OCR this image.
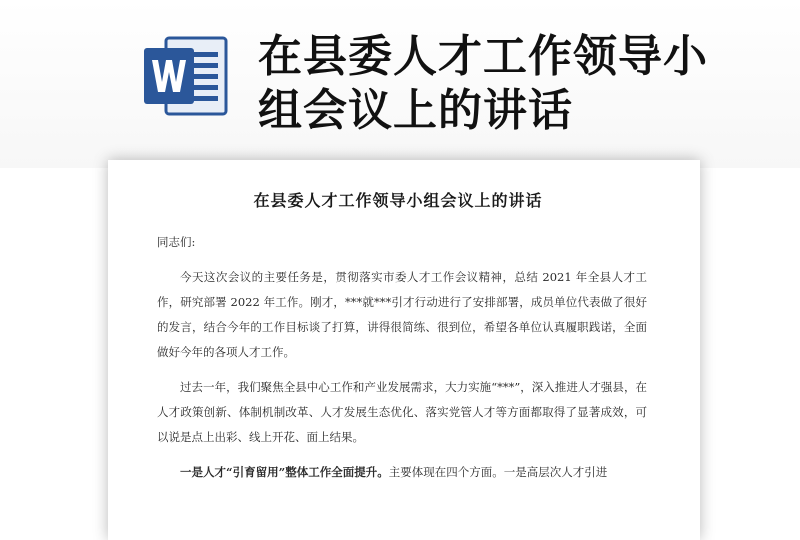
在县委人才工作领导小组会议上的讲话
在县委人才工作领导小组会议上的讲话

同志们:

今天这次会议的主要任务是，贯彻落实市委人才工作会议精神，总结 2021 年全县人才工作，研究部署 2022 年工作。刚才，***就***引才行动进行了安排部署，成员单位代表做了很好的发言，结合今年的工作目标谈了打算，讲得很简练、很到位，希望各单位认真履职践诺，全面做好今年的各项人才工作。

过去一年，我们聚焦全县中心工作和产业发展需求，大力实施“***”，深入推进人才强县，在人才政策创新、体制机制改革、人才发展生态优化、落实党管人才等方面都取得了显著成效，可以说是点上出彩、线上开花、面上结果。

一是人才“引育留用”整体工作全面提升。主要体现在四个方面。一是高层次人才引进
